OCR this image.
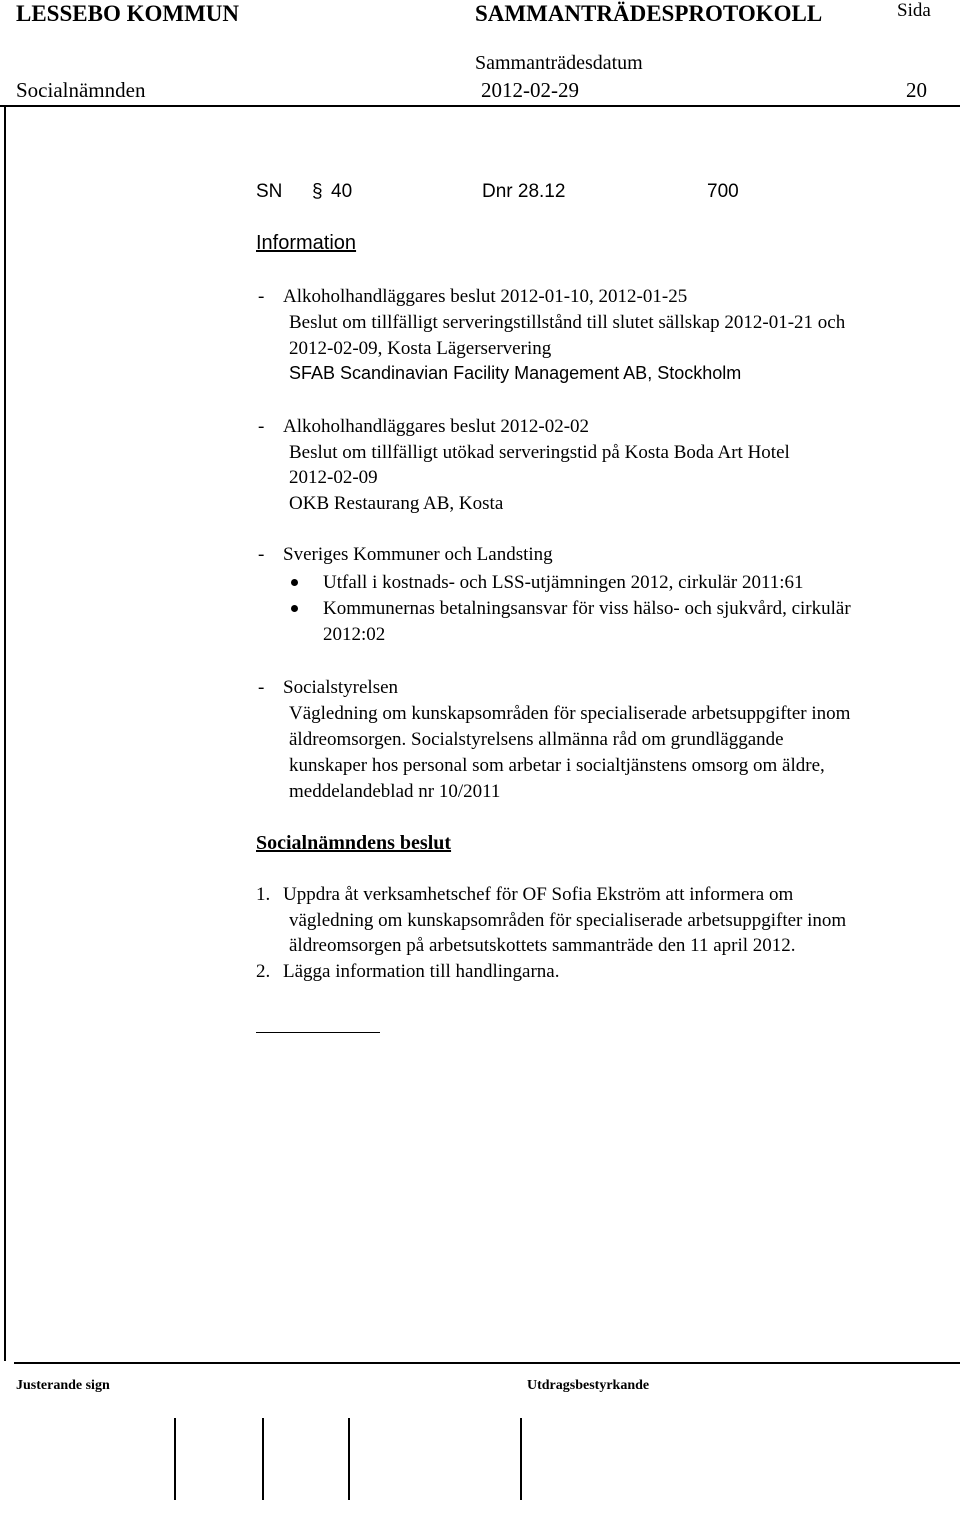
LESSEBO KOMMUN	SAMMANTRÄDESPROTOKOLL	Sida
Sammanträdesdatum
Socialnämnden	2012-02-29	20
SN § 40	Dnr 28.12	700
Information
- Alkoholhandläggares beslut 2012-01-10, 2012-01-25
Beslut om tillfälligt serveringstillstånd till slutet sällskap 2012-01-21 och
2012-02-09, Kosta Lägerservering
SFAB Scandinavian Facility Management AB, Stockholm
- Alkoholhandläggares beslut 2012-02-02
Beslut om tillfälligt utökad serveringstid på Kosta Boda Art Hotel
2012-02-09
OKB Restaurang AB, Kosta
- Sveriges Kommuner och Landsting
Utfall i kostnads- och LSS-utjämningen 2012, cirkulär 2011:61
Kommunernas betalningsansvar för viss hälso- och sjukvård, cirkulär
2012:02
- Socialstyrelsen
Vägledning om kunskapsområden för specialiserade arbetsuppgifter inom
äldreomsorgen. Socialstyrelsens allmänna råd om grundläggande
kunskaper hos personal som arbetar i socialtjänstens omsorg om äldre,
meddelandeblad nr 10/2011
Socialnämndens beslut
1. Uppdra åt verksamhetschef för OF Sofia Ekström att informera om
vägledning om kunskapsområden för specialiserade arbetsuppgifter inom
äldreomsorgen på arbetsutskottets sammanträde den 11 april 2012.
2. Lägga information till handlingarna.
Justerande sign	Utdragsbestyrkande
